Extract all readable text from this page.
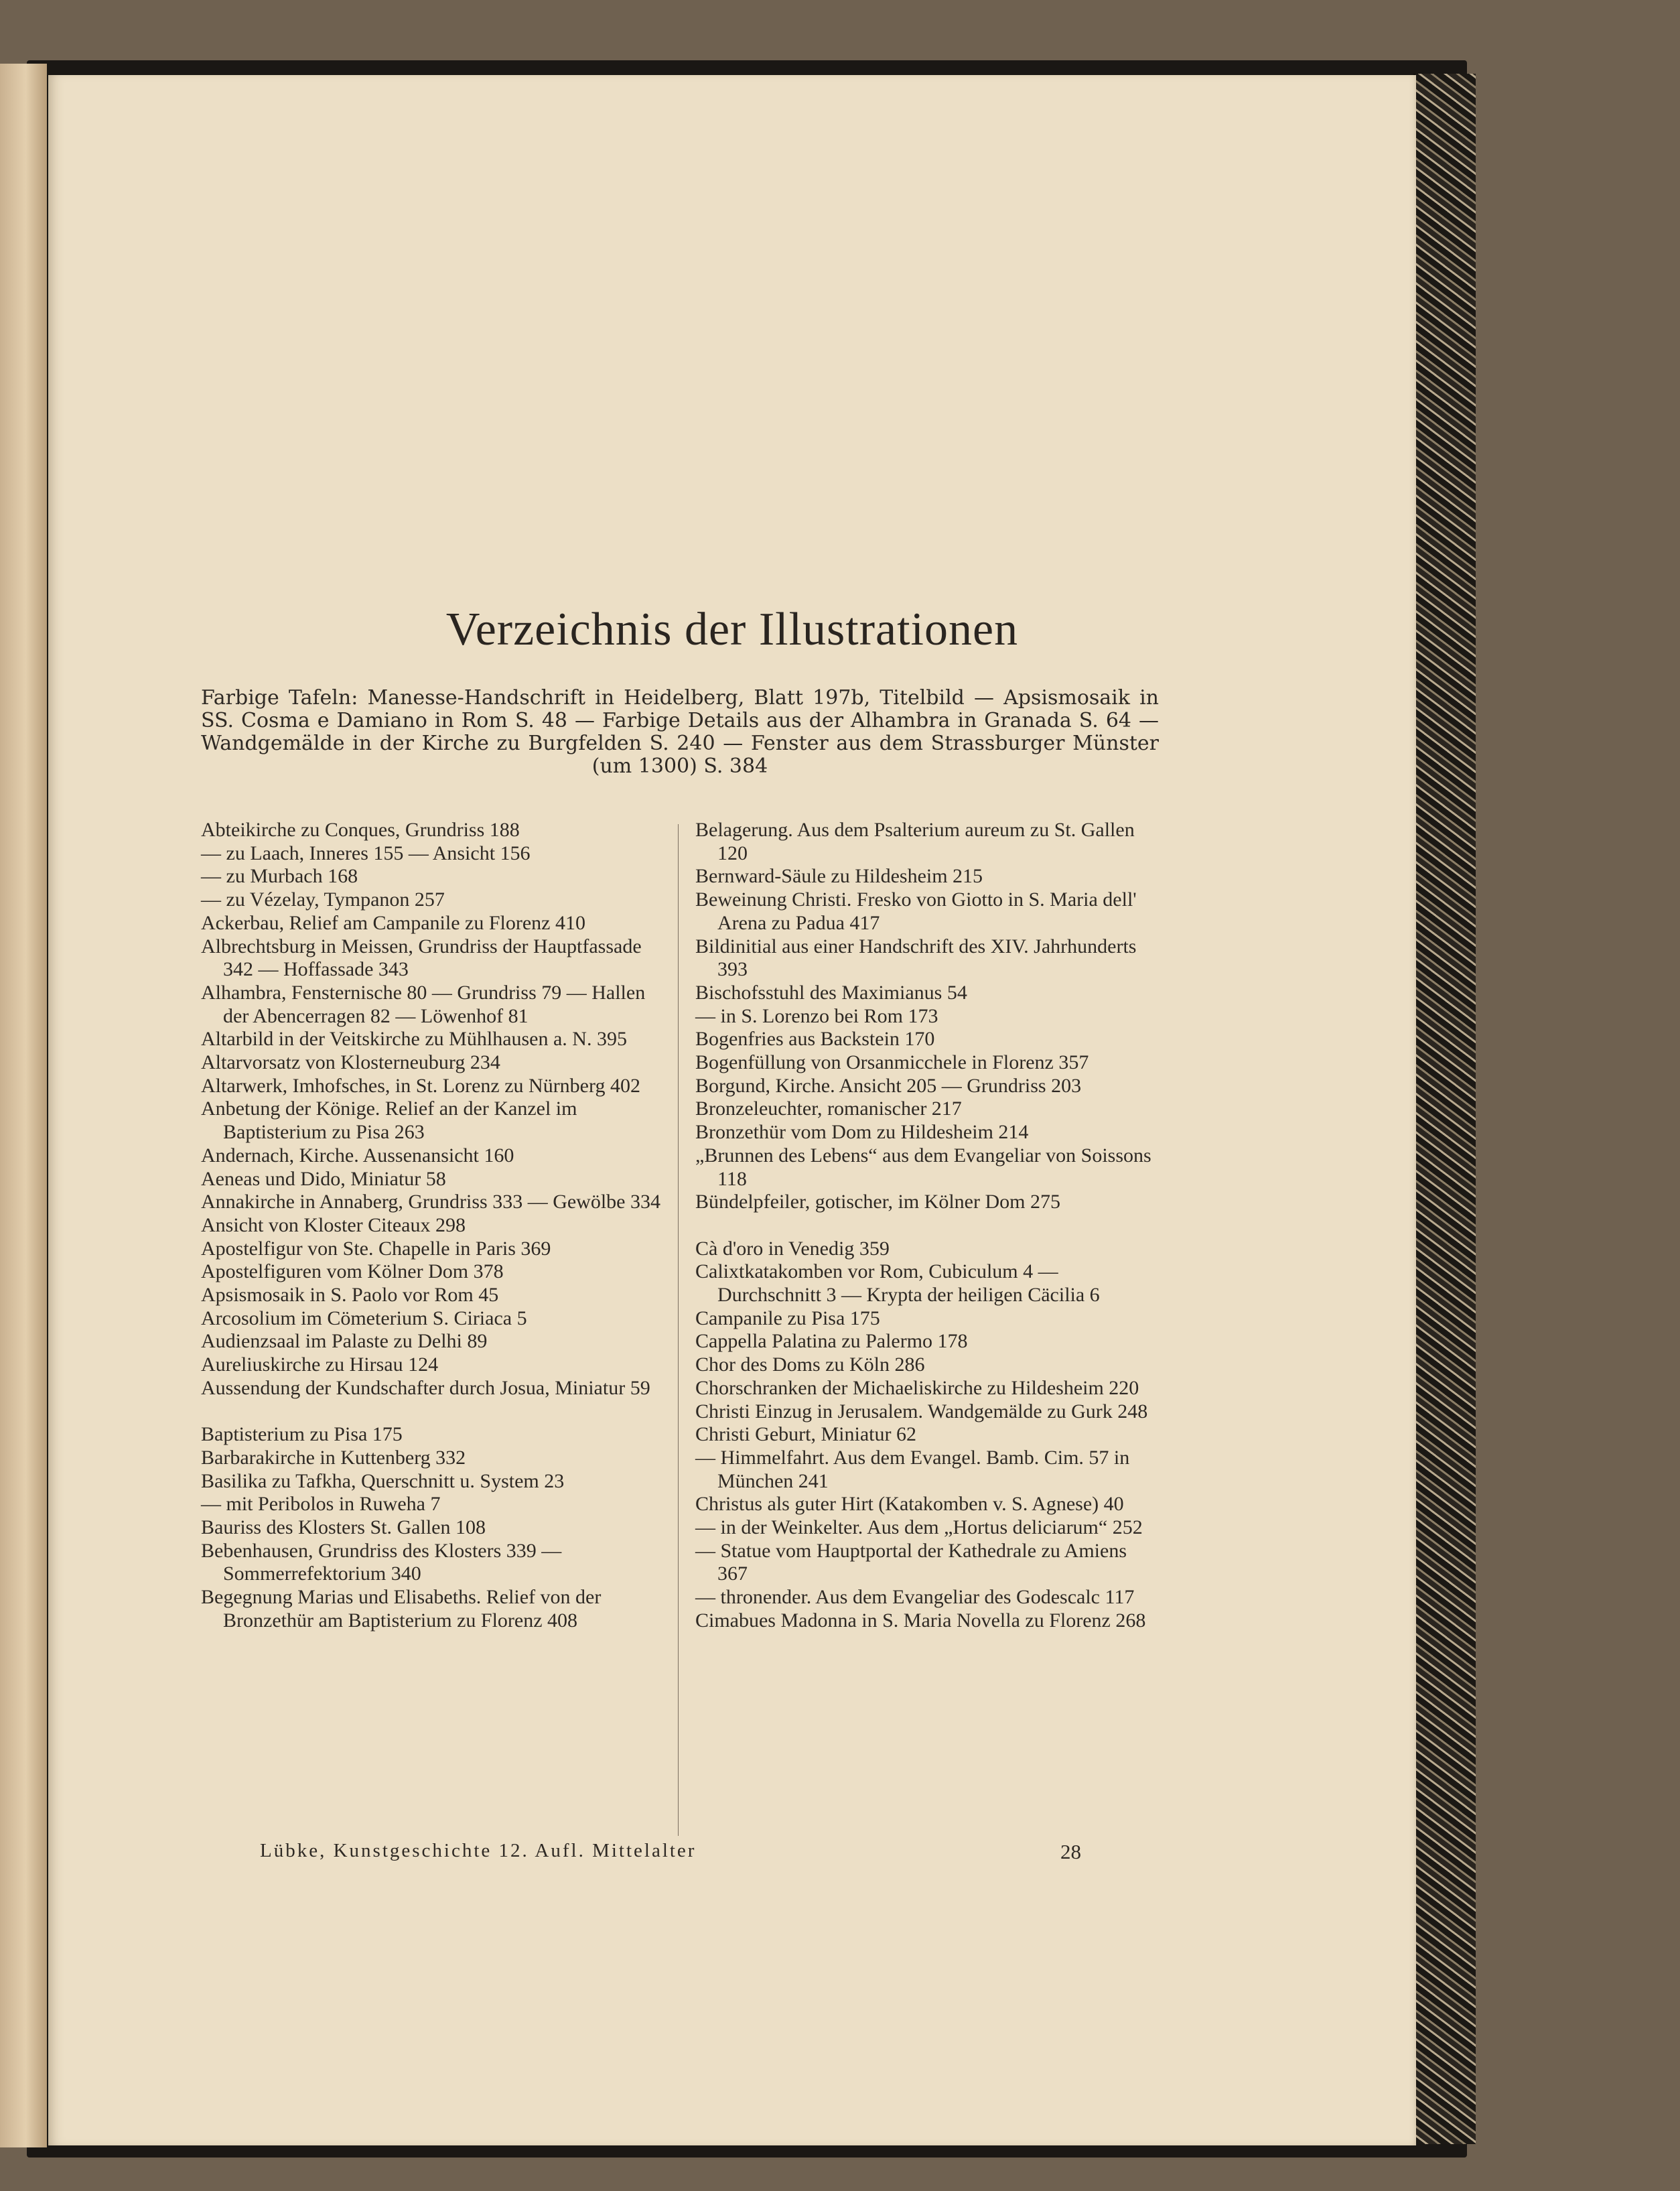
Verzeichnis der Illustrationen

Farbige Tafeln: Manesse-Handschrift in Heidelberg, Blatt 197b, Titelbild — Apsismosaik in SS. Cosma e Damiano in Rom S. 48 — Farbige Details aus der Alhambra in Granada S. 64 — Wandgemälde in der Kirche zu Burgfelden S. 240 — Fenster aus dem Strassburger Münster (um 1300) S. 384

Abteikirche zu Conques, Grundriss 188
— zu Laach, Inneres 155 — Ansicht 156
— zu Murbach 168
— zu Vézelay, Tympanon 257
Ackerbau, Relief am Campanile zu Florenz 410
Albrechtsburg in Meissen, Grundriss der Hauptfassade 342 — Hoffassade 343
Alhambra, Fensternische 80 — Grundriss 79 — Hallen der Abencerragen 82 — Löwenhof 81
Altarbild in der Veitskirche zu Mühlhausen a. N. 395
Altarvorsatz von Klosterneuburg 234
Altarwerk, Imhofsches, in St. Lorenz zu Nürnberg 402
Anbetung der Könige. Relief an der Kanzel im Baptisterium zu Pisa 263
Andernach, Kirche. Aussenansicht 160
Aeneas und Dido, Miniatur 58
Annakirche in Annaberg, Grundriss 333 — Gewölbe 334
Ansicht von Kloster Citeaux 298
Apostelfigur von Ste. Chapelle in Paris 369
Apostelfiguren vom Kölner Dom 378
Apsismosaik in S. Paolo vor Rom 45
Arcosolium im Cömeterium S. Ciriaca 5
Audienzsaal im Palaste zu Delhi 89
Aureliuskirche zu Hirsau 124
Aussendung der Kundschafter durch Josua, Miniatur 59
Baptisterium zu Pisa 175
Barbarakirche in Kuttenberg 332
Basilika zu Tafkha, Querschnitt u. System 23
— mit Peribolos in Ruweha 7
Bauriss des Klosters St. Gallen 108
Bebenhausen, Grundriss des Klosters 339 — Sommerrefektorium 340
Begegnung Marias und Elisabeths. Relief von der Bronzethür am Baptisterium zu Florenz 408
Belagerung. Aus dem Psalterium aureum zu St. Gallen 120
Bernward-Säule zu Hildesheim 215
Beweinung Christi. Fresko von Giotto in S. Maria dell' Arena zu Padua 417
Bildinitial aus einer Handschrift des XIV. Jahrhunderts 393
Bischofsstuhl des Maximianus 54
— in S. Lorenzo bei Rom 173
Bogenfries aus Backstein 170
Bogenfüllung von Orsanmicchele in Florenz 357
Borgund, Kirche. Ansicht 205 — Grundriss 203
Bronzeleuchter, romanischer 217
Bronzethür vom Dom zu Hildesheim 214
„Brunnen des Lebens“ aus dem Evangeliar von Soissons 118
Bündelpfeiler, gotischer, im Kölner Dom 275
Cà d'oro in Venedig 359
Calixtkatakomben vor Rom, Cubiculum 4 — Durchschnitt 3 — Krypta der heiligen Cäcilia 6
Campanile zu Pisa 175
Cappella Palatina zu Palermo 178
Chor des Doms zu Köln 286
Chorschranken der Michaeliskirche zu Hildesheim 220
Christi Einzug in Jerusalem. Wandgemälde zu Gurk 248
Christi Geburt, Miniatur 62
— Himmelfahrt. Aus dem Evangel. Bamb. Cim. 57 in München 241
Christus als guter Hirt (Katakomben v. S. Agnese) 40
— in der Weinkelter. Aus dem „Hortus deliciarum“ 252
— Statue vom Hauptportal der Kathedrale zu Amiens 367
— thronender. Aus dem Evangeliar des Godescalc 117
Cimabues Madonna in S. Maria Novella zu Florenz 268
Lübke, Kunstgeschichte 12. Aufl. Mittelalter	28
